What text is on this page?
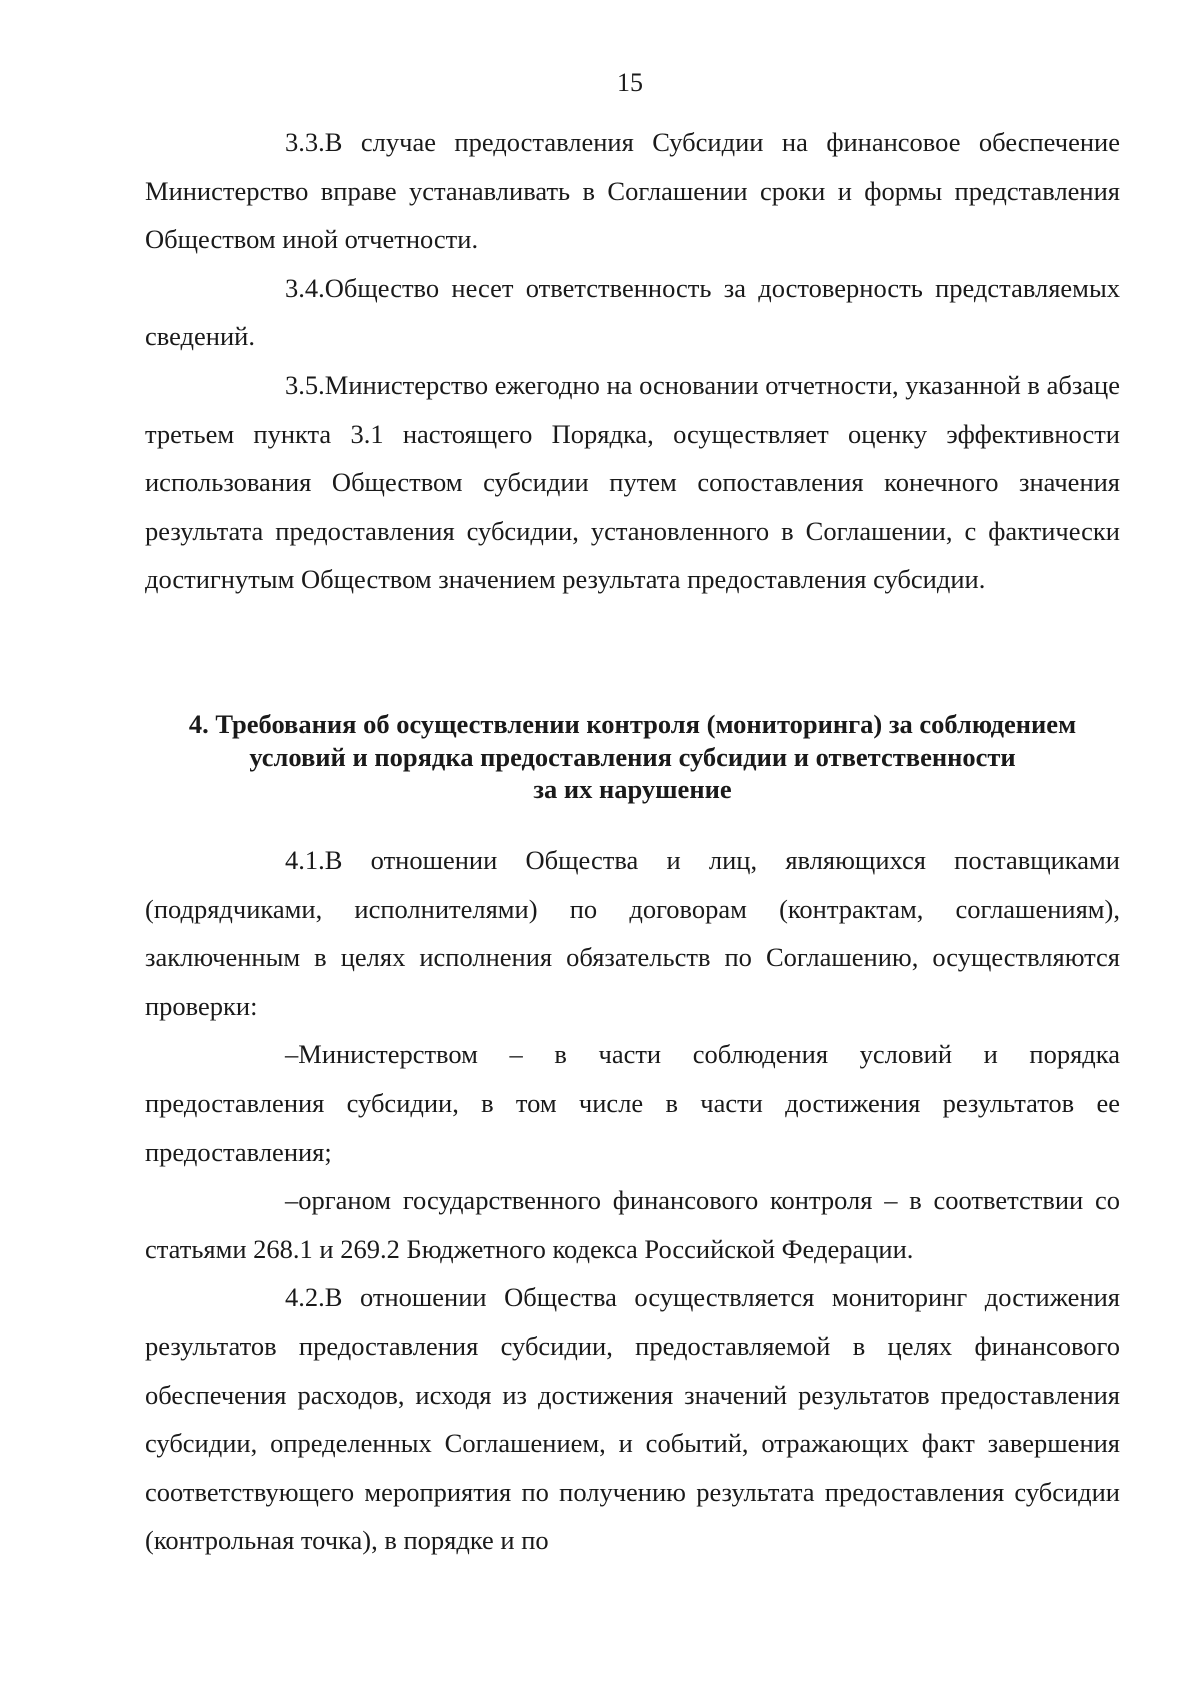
15

3.3.В случае предоставления Субсидии на финансовое обеспечение Министерство вправе устанавливать в Соглашении сроки и формы представления Обществом иной отчетности.

3.4.Общество несет ответственность за достоверность представляемых сведений.

3.5.Министерство ежегодно на основании отчетности, указанной в абзаце третьем пункта 3.1 настоящего Порядка, осуществляет оценку эффективности использования Обществом субсидии путем сопоставления конечного значения результата предоставления субсидии, установленного в Соглашении, с фактически достигнутым Обществом значением результата предоставления субсидии.

4. Требования об осуществлении контроля (мониторинга) за соблюдением
условий и порядка предоставления субсидии и ответственности
за их нарушение

4.1.В отношении Общества и лиц, являющихся поставщиками (подрядчиками, исполнителями) по договорам (контрактам, соглашениям), заключенным в целях исполнения обязательств по Соглашению, осуществляются проверки:

–Министерством – в части соблюдения условий и порядка предоставления субсидии, в том числе в части достижения результатов ее предоставления;

–органом государственного финансового контроля – в соответствии со статьями 268.1 и 269.2 Бюджетного кодекса Российской Федерации.

4.2.В отношении Общества осуществляется мониторинг достижения результатов предоставления субсидии, предоставляемой в целях финансового обеспечения расходов, исходя из достижения значений результатов предоставления субсидии, определенных Соглашением, и событий, отражающих факт завершения соответствующего мероприятия по получению результата предоставления субсидии (контрольная точка), в порядке и по
